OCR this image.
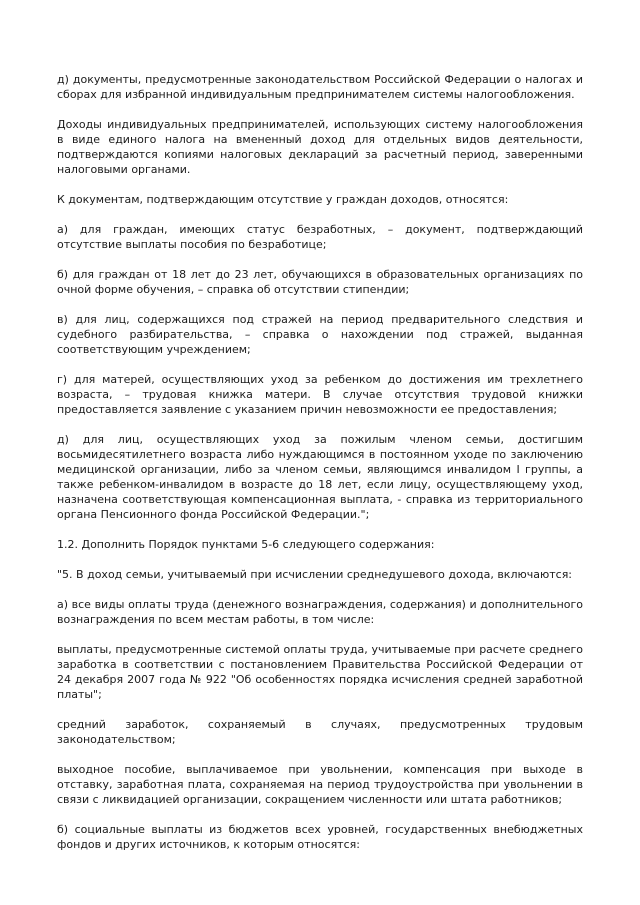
д) документы, предусмотренные законодательством Российской Федерации о налогах и сборах для избранной индивидуальным предпринимателем системы налогообложения.

Доходы индивидуальных предпринимателей, использующих систему налогообложения в виде единого налога на вмененный доход для отдельных видов деятельности, подтверждаются копиями налоговых деклараций за расчетный период, заверенными налоговыми органами.

К документам, подтверждающим отсутствие у граждан доходов, относятся:

а) для граждан, имеющих статус безработных, – документ, подтверждающий отсутствие выплаты пособия по безработице;

б) для граждан от 18 лет до 23 лет, обучающихся в образовательных организациях по очной форме обучения, – справка об отсутствии стипендии;

в) для лиц, содержащихся под стражей на период предварительного следствия и судебного разбирательства, – справка о нахождении под стражей, выданная соответствующим учреждением;

г) для матерей, осуществляющих уход за ребенком до достижения им трехлетнего возраста, – трудовая книжка матери. В случае отсутствия трудовой книжки предоставляется заявление с указанием причин невозможности ее предоставления;

д) для лиц, осуществляющих уход за пожилым членом семьи, достигшим восьмидесятилетнего возраста либо нуждающимся в постоянном уходе по заключению медицинской организации, либо за членом семьи, являющимся инвалидом I группы, а также ребенком-инвалидом в возрасте до 18 лет, если лицу, осуществляющему уход, назначена соответствующая компенсационная выплата, - справка из территориального органа Пенсионного фонда Российской Федерации.";

1.2. Дополнить Порядок пунктами 5-6 следующего содержания:

"5. В доход семьи, учитываемый при исчислении среднедушевого дохода, включаются:

а) все виды оплаты труда (денежного вознаграждения, содержания) и дополнительного вознаграждения по всем местам работы, в том числе:

выплаты, предусмотренные системой оплаты труда, учитываемые при расчете среднего заработка в соответствии с постановлением Правительства Российской Федерации от 24 декабря 2007 года № 922 "Об особенностях порядка исчисления средней заработной платы";

средний заработок, сохраняемый в случаях, предусмотренных трудовым законодательством;

выходное пособие, выплачиваемое при увольнении, компенсация при выходе в отставку, заработная плата, сохраняемая на период трудоустройства при увольнении в связи с ликвидацией организации, сокращением численности или штата работников;

б) социальные выплаты из бюджетов всех уровней, государственных внебюджетных фондов и других источников, к которым относятся:
